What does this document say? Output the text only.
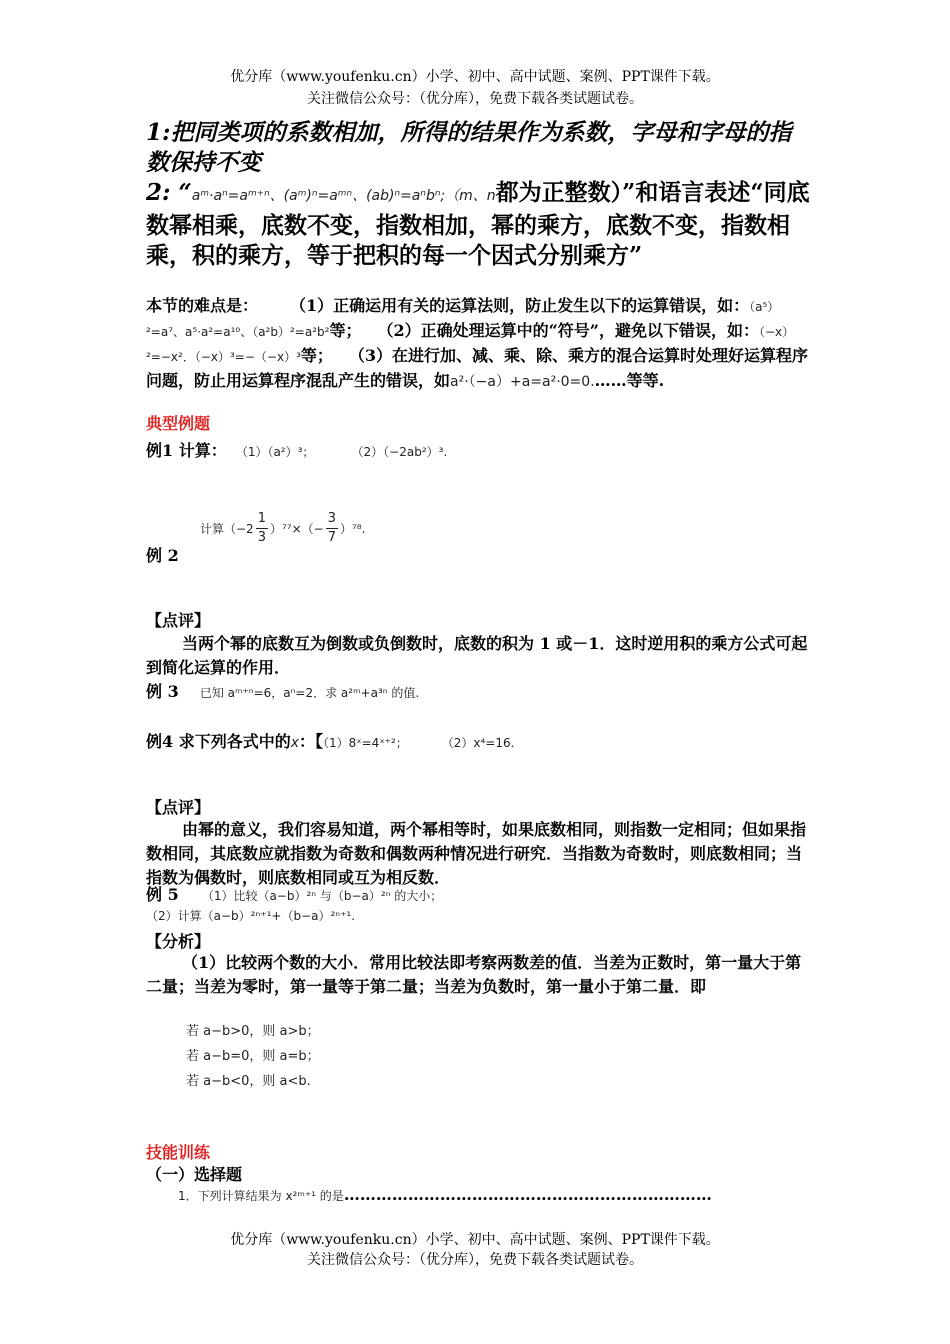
优分库（www.youfenku.cn）小学、初中、高中试题、案例、PPT课件下载。
关注微信公众号：（优分库），免费下载各类试题试卷。
1:把同类项的系数相加，所得的结果作为系数，字母和字母的指数保持不变
2: “aᵐ·aⁿ=aᵐ⁺ⁿ、(aᵐ)ⁿ=aᵐⁿ、(ab)ⁿ=aⁿbⁿ;（m、n都为正整数）”和语言表述“同底数幂相乘，底数不变，指数相加，幂的乘方，底数不变，指数相乘，积的乘方，等于把积的每一个因式分别乘方”
本节的难点是：　　　（1）正确运用有关的运算法则，防止发生以下的运算错误，如：（a⁵）²=a⁷、a⁵·a²=a¹⁰、（a²b）²=a²b²等；　　（2）正确处理运算中的“符号”，避免以下错误，如：（−x）²=−x²．（−x）³=−（−x）³等；　　（3）在进行加、减、乘、除、乘方的混合运算时处理好运算程序问题，防止用运算程序混乱产生的错误，如a²·（−a）+a=a²·0=0.……等等.
典型例题
例1 计算： （1）（a²）³；	（2）（−2ab²）³.
计算$(-2 \frac{1}{3} )^{77}\times(- \frac{3}{7} )^{78}$.
例 2
【点评】
当两个幂的底数互为倒数或负倒数时，底数的积为 1 或－1．这时逆用积的乘方公式可起到简化运算的作用．
例 3 已知 aᵐ⁺ⁿ=6，aⁿ=2．求 a²ᵐ+a³ⁿ 的值.
例4 求下列各式中的x：【（1）8ˣ=4ˣ⁺²；	（2）x⁴=16.
【点评】
由幂的意义，我们容易知道，两个幂相等时，如果底数相同，则指数一定相同；但如果指数相同，其底数应就指数为奇数和偶数两种情况进行研究．当指数为奇数时，则底数相同；当指数为偶数时，则底数相同或互为相反数．
例 5 （1）比较（a−b）²ⁿ 与（b−a）²ⁿ 的大小；
（2）计算（a−b）²ⁿ⁺¹+（b−a）²ⁿ⁺¹.
【分析】
（1）比较两个数的大小．常用比较法即考察两数差的值．当差为正数时，第一量大于第二量；当差为零时，第一量等于第二量；当差为负数时，第一量小于第二量．即
若 a−b>0，则 a>b；
若 a−b=0，则 a=b；
若 a−b<0，则 a<b.
技能训练
（一）选择题
1．下列计算结果为 x²ᵐ⁺¹ 的是……………………………………………………………
优分库（www.youfenku.cn）小学、初中、高中试题、案例、PPT课件下载。
关注微信公众号：（优分库），免费下载各类试题试卷。
